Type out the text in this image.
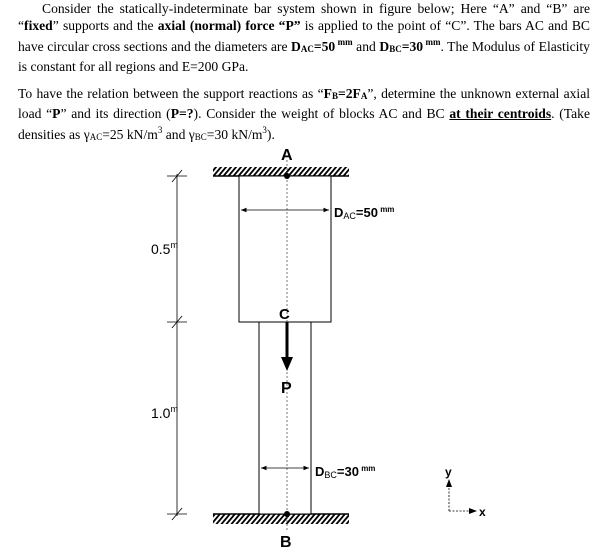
Consider the statically-indeterminate bar system shown in figure below; Here “A” and “B” are “fixed” supports and the axial (normal) force “P” is applied to the point of “C”. The bars AC and BC have circular cross sections and the diameters are DAC=50 $^{mm}$ and DBC=30 $^{mm}$. The Modulus of Elasticity is constant for all regions and E=200 GPa.

To have the relation between the support reactions as “FB=2FA”, determine the unknown external axial load “P” and its direction (P=?). Consider the weight of blocks AC and BC at their centroids. (Take densities as γAC=25 $kN/m^3$ and γBC=30 $kN/m^3$).

A
B
C
P
DAC=50 $^{mm}$
DBC=30 $^{mm}$
0.5$^m$
1.0$^m$
y
x
